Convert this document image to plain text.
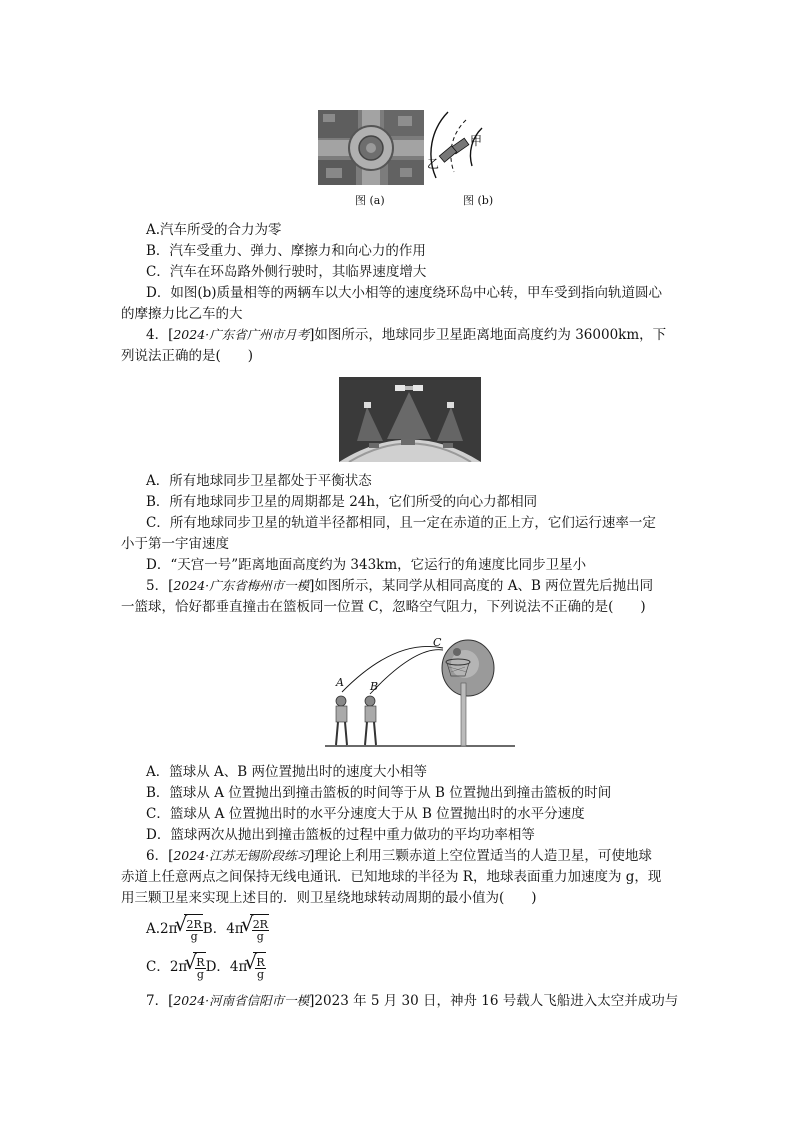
图 (a)
甲
乙
图 (b)
A.汽车所受的合力为零
B．汽车受重力、弹力、摩擦力和向心力的作用
C．汽车在环岛路外侧行驶时，其临界速度增大
D．如图(b)质量相等的两辆车以大小相等的速度绕环岛中心转，甲车受到指向轨道圆心
的摩擦力比乙车的大
4．[2024·广东省广州市月考]如图所示，地球同步卫星距离地面高度约为 36000km，下
列说法正确的是(　　)
A．所有地球同步卫星都处于平衡状态
B．所有地球同步卫星的周期都是 24h，它们所受的向心力都相同
C．所有地球同步卫星的轨道半径都相同，且一定在赤道的正上方，它们运行速率一定
小于第一宇宙速度
D．“天宫一号”距离地面高度约为 343km，它运行的角速度比同步卫星小
5．[2024·广东省梅州市一模]如图所示，某同学从相同高度的 A、B 两位置先后抛出同
一篮球，恰好都垂直撞击在篮板同一位置 C，忽略空气阻力，下列说法不正确的是(　　)
A B
C
A．篮球从 A、B 两位置抛出时的速度大小相等
B．篮球从 A 位置抛出到撞击篮板的时间等于从 B 位置抛出到撞击篮板的时间
C．篮球从 A 位置抛出时的水平分速度大于从 B 位置抛出时的水平分速度
D．篮球两次从抛出到撞击篮板的过程中重力做功的平均功率相等
6．[2024·江苏无锡阶段练习]理论上利用三颗赤道上空位置适当的人造卫星，可使地球
赤道上任意两点之间保持无线电通讯．已知地球的半径为 R，地球表面重力加速度为 g，现
用三颗卫星来实现上述目的．则卫星绕地球转动周期的最小值为(　　)
A.2π √ $\frac{2R}{g}$ B．4π √ $\frac{2R}{g}$
C．2π √ $\frac{R}{g}$ D．4π √ $\frac{R}{g}$
7．[2024·河南省信阳市一模]2023 年 5 月 30 日，神舟 16 号载人飞船进入太空并成功与
